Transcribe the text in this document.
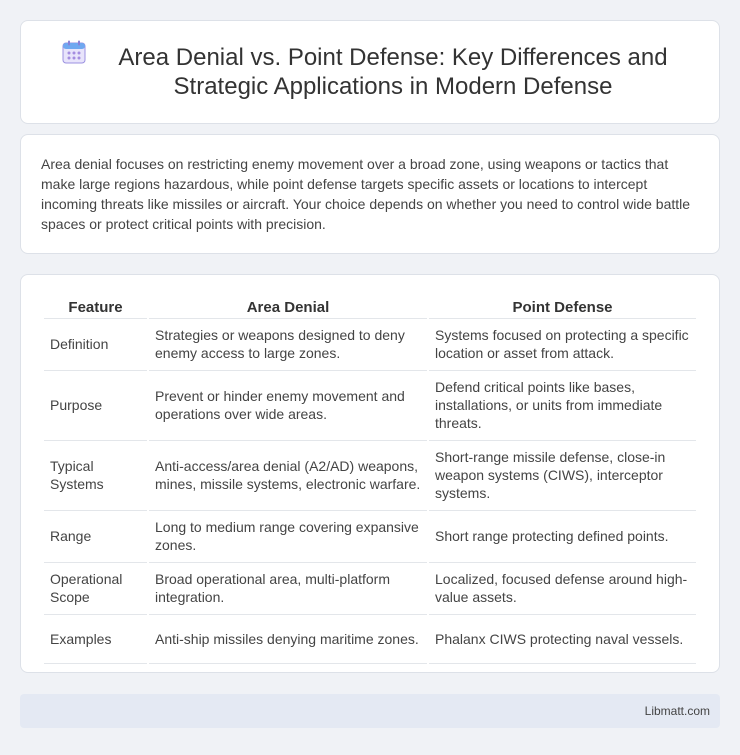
Area Denial vs. Point Defense: Key Differences and Strategic Applications in Modern Defense
Area denial focuses on restricting enemy movement over a broad zone, using weapons or tactics that make large regions hazardous, while point defense targets specific assets or locations to intercept incoming threats like missiles or aircraft. Your choice depends on whether you need to control wide battle spaces or protect critical points with precision.
Feature	Area Denial	Point Defense
Definition	Strategies or weapons designed to deny enemy access to large zones.	Systems focused on protecting a specific location or asset from attack.
Purpose	Prevent or hinder enemy movement and operations over wide areas.	Defend critical points like bases, installations, or units from immediate threats.
Typical Systems	Anti-access/area denial (A2/AD) weapons, mines, missile systems, electronic warfare.	Short-range missile defense, close-in weapon systems (CIWS), interceptor systems.
Range	Long to medium range covering expansive zones.	Short range protecting defined points.
Operational Scope	Broad operational area, multi-platform integration.	Localized, focused defense around high-value assets.
Examples	Anti-ship missiles denying maritime zones.	Phalanx CIWS protecting naval vessels.
Libmatt.com
